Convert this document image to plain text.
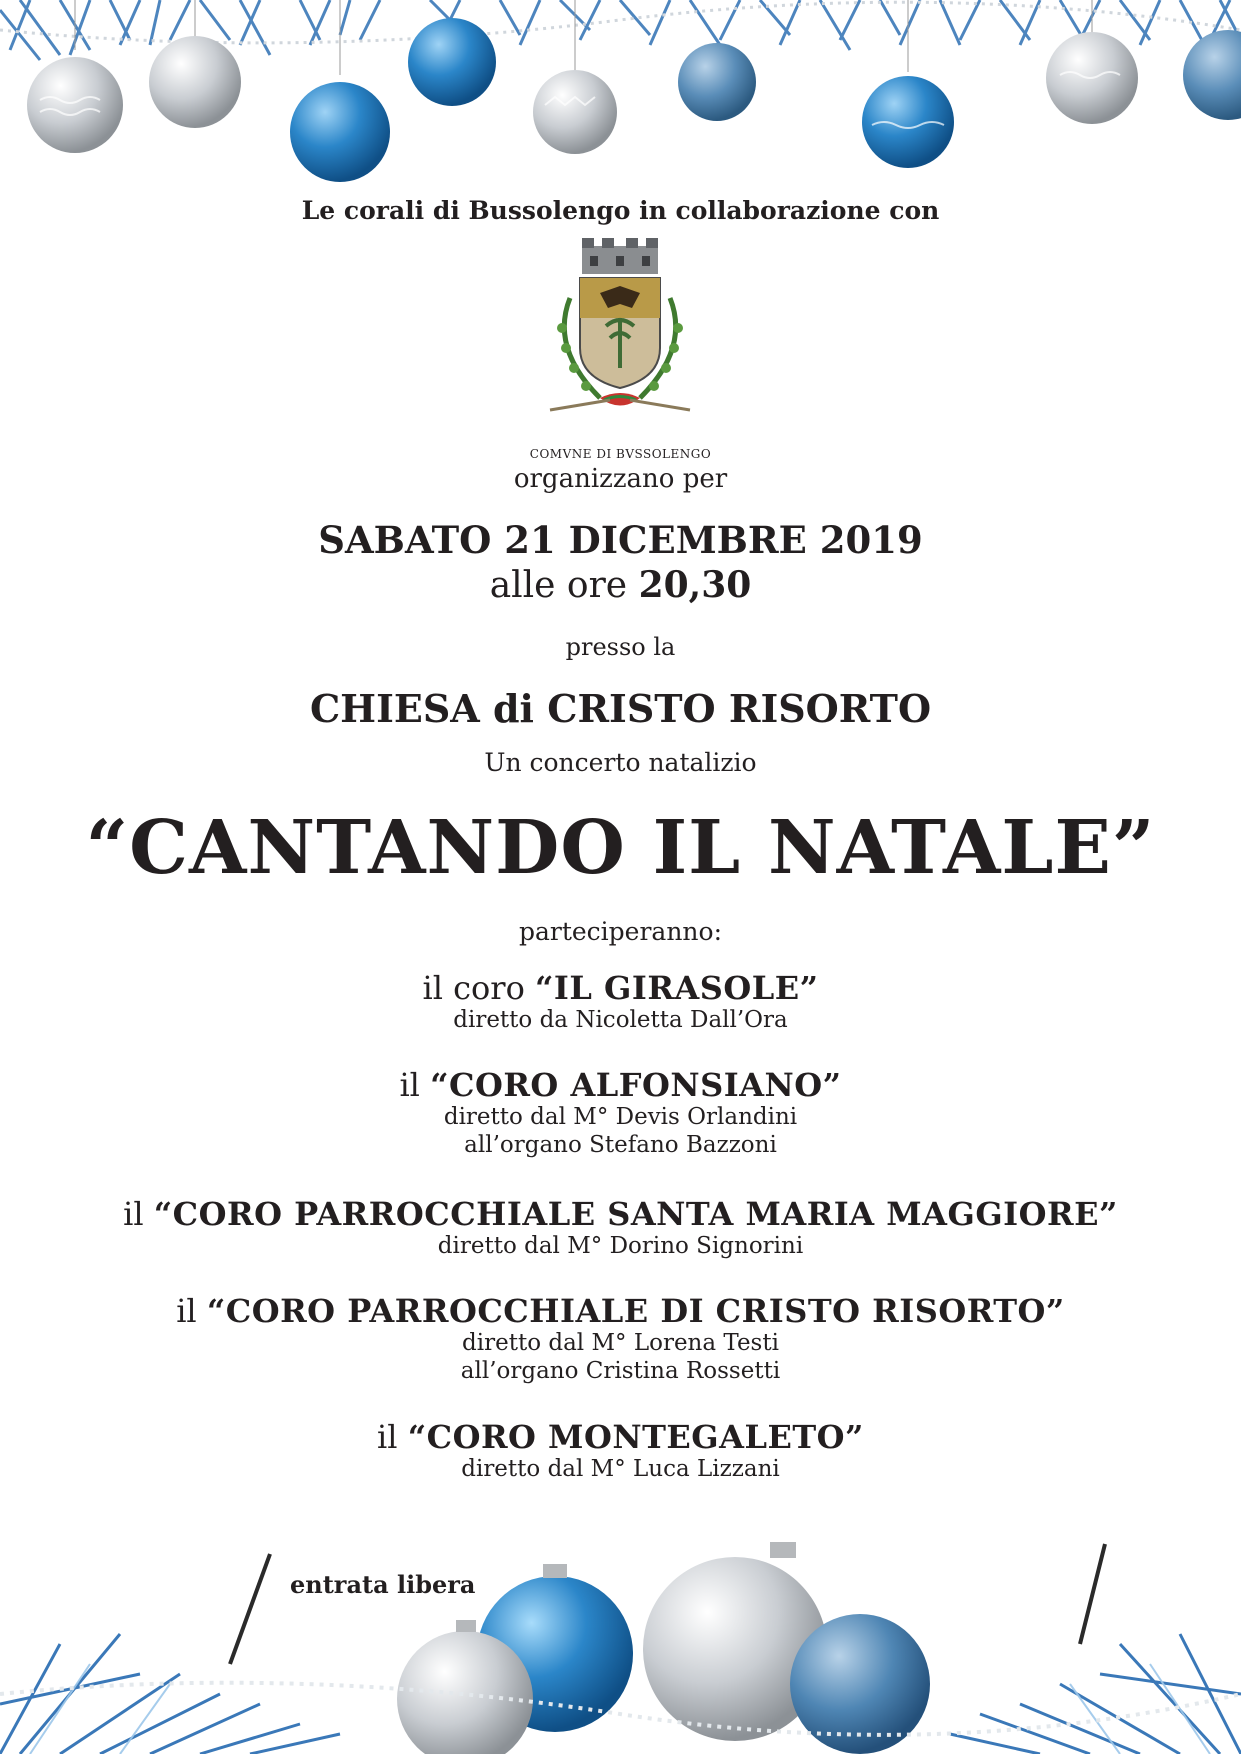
Le corali di Bussolengo in collaborazione con
COMVNE DI BVSSOLENGO
organizzano per
SABATO 21 DICEMBRE 2019
alle ore 20,30
presso la
CHIESA di CRISTO RISORTO
Un concerto natalizio
“CANTANDO IL NATALE”
parteciperanno:
il coro “IL GIRASOLE”
diretto da Nicoletta Dall’Ora
il “CORO ALFONSIANO”
diretto dal M° Devis Orlandini
all’organo Stefano Bazzoni
il “CORO PARROCCHIALE SANTA MARIA MAGGIORE”
diretto dal M° Dorino Signorini
il “CORO PARROCCHIALE DI CRISTO RISORTO”
diretto dal M° Lorena Testi
all’organo Cristina Rossetti
il “CORO MONTEGALETO”
diretto dal M° Luca Lizzani
entrata libera
